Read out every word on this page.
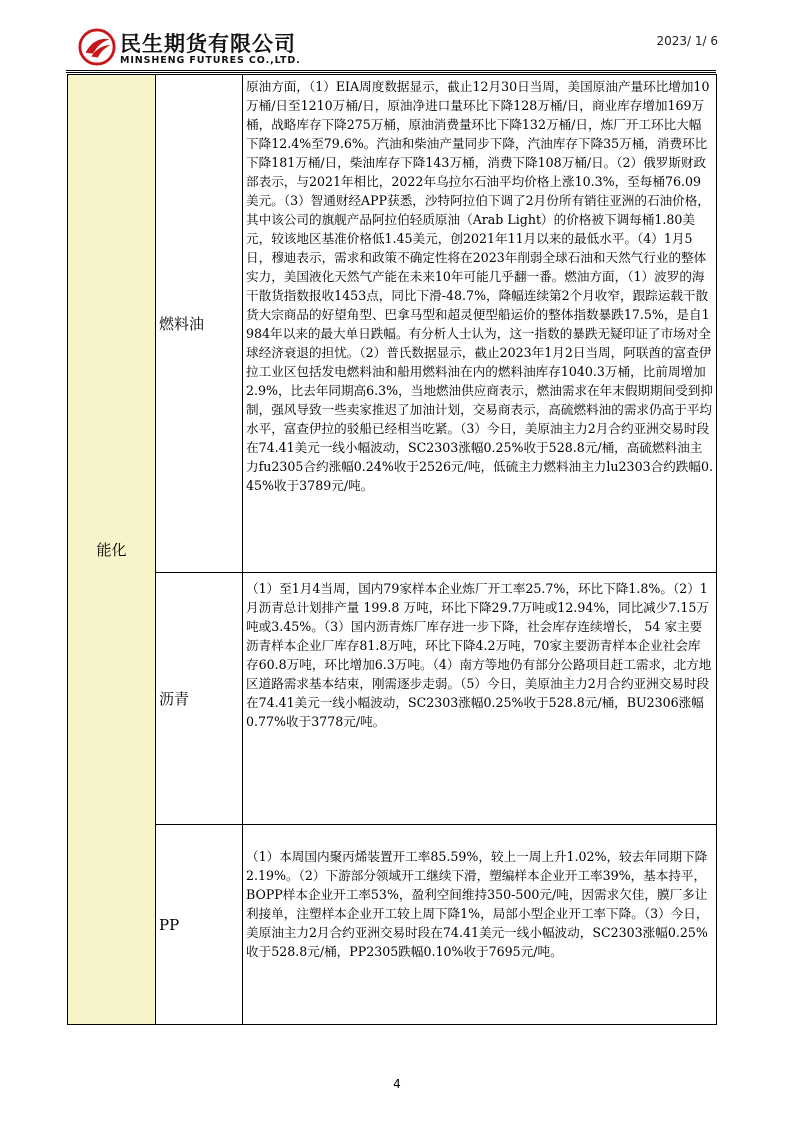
民生期货有限公司
MINSHENG FUTURES CO.,LTD.
2023/ 1/ 6
能化	燃料油	原油方面，（1）EIA周度数据显示，截止12月30日当周，美国原油产量环比增加10万桶/日至1210万桶/日，原油净进口量环比下降128万桶/日，商业库存增加169万桶，战略库存下降275万桶，原油消费量环比下降132万桶/日，炼厂开工环比大幅下降12.4%至79.6%。汽油和柴油产量同步下降，汽油库存下降35万桶，消费环比下降181万桶/日，柴油库存下降143万桶，消费下降108万桶/日。（2）俄罗斯财政部表示，与2021年相比，2022年乌拉尔石油平均价格上涨10.3%，至每桶76.09美元。（3）智通财经APP获悉，沙特阿拉伯下调了2月份所有销往亚洲的石油价格，其中该公司的旗舰产品阿拉伯轻质原油（Arab Light）的价格被下调每桶1.80美元，较该地区基准价格低1.45美元，创2021年11月以来的最低水平。（4）1月5日，穆迪表示，需求和政策不确定性将在2023年削弱全球石油和天然气行业的整体实力，美国液化天然气产能在未来10年可能几乎翻一番。燃油方面，（1）波罗的海干散货指数报收1453点，同比下滑-48.7%，降幅连续第2个月收窄，跟踪运载干散货大宗商品的好望角型、巴拿马型和超灵便型船运价的整体指数暴跌17.5%，是自1984年以来的最大单日跌幅。有分析人士认为，这一指数的暴跌无疑印证了市场对全球经济衰退的担忧。（2）普氏数据显示，截止2023年1月2日当周，阿联酋的富查伊拉工业区包括发电燃料油和船用燃料油在内的燃料油库存1040.3万桶，比前周增加2.9%，比去年同期高6.3%，当地燃油供应商表示，燃油需求在年末假期期间受到抑制，强风导致一些卖家推迟了加油计划，交易商表示，高硫燃料油的需求仍高于平均水平，富查伊拉的驳船已经相当吃紧。（3）今日，美原油主力2月合约亚洲交易时段在74.41美元一线小幅波动，SC2303涨幅0.25%收于528.8元/桶，高硫燃料油主力fu2305合约涨幅0.24%收于2526元/吨，低硫主力燃料油主力lu2303合约跌幅0.45%收于3789元/吨。

	沥青	（1）至1月4当周，国内79家样本企业炼厂开工率25.7%，环比下降1.8%。（2）1月沥青总计划排产量 199.8 万吨，环比下降29.7万吨或12.94%，同比减少7.15万吨或3.45%。（3）国内沥青炼厂库存进一步下降，社会库存连续增长， 54 家主要沥青样本企业厂库存81.8万吨，环比下降4.2万吨，70家主要沥青样本企业社会库存60.8万吨，环比增加6.3万吨。（4）南方等地仍有部分公路项目赶工需求，北方地区道路需求基本结束，刚需逐步走弱。（5）今日，美原油主力2月合约亚洲交易时段在74.41美元一线小幅波动，SC2303涨幅0.25%收于528.8元/桶，BU2306涨幅0.77%收于3778元/吨。

	PP	（1）本周国内聚丙烯装置开工率85.59%，较上一周上升1.02%，较去年同期下降2.19%。（2）下游部分领域开工继续下滑，塑编样本企业开工率39%，基本持平， BOPP样本企业开工率53%，盈利空间维持350-500元/吨，因需求欠佳，膜厂多让利接单，注塑样本企业开工较上周下降1%，局部小型企业开工率下降。（3）今日，美原油主力2月合约亚洲交易时段在74.41美元一线小幅波动，SC2303涨幅0.25%收于528.8元/桶，PP2305跌幅0.10%收于7695元/吨。
4
